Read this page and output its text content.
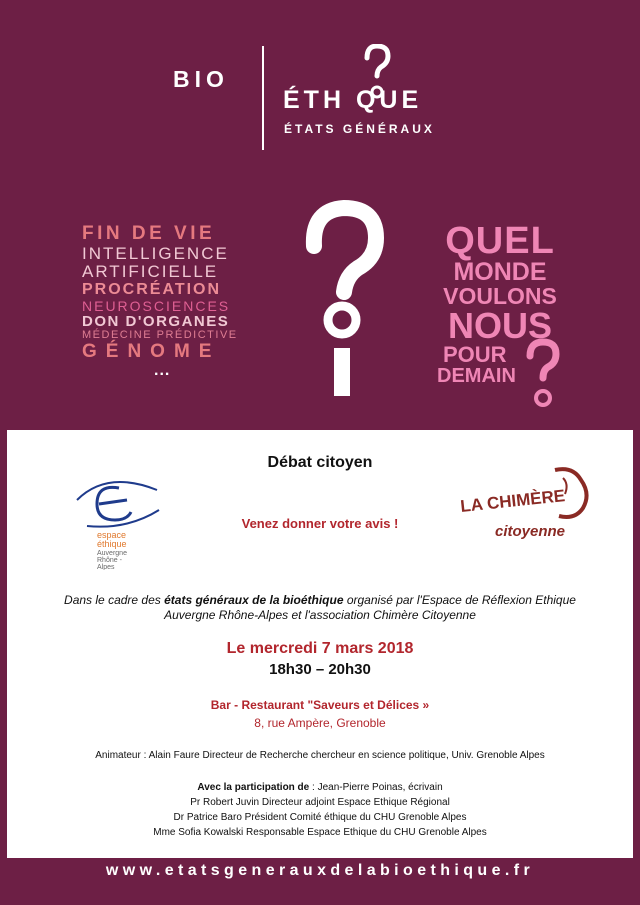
BIO
ÉTH QUE
ÉTATS GÉNÉRAUX
FIN DE VIE
INTELLIGENCE
ARTIFICIELLE
PROCRÉATION
NEUROSCIENCES
DON D'ORGANES
MÉDECINE PRÉDICTIVE
GÉNOME
...
QUEL
MONDE
VOULONS
NOUS
POUR
DEMAIN
Débat citoyen
espace
éthique
Auvergne
Rhône -
Alpes
Venez donner votre avis !
LA CHIMÈRE
citoyenne
Dans le cadre des états généraux de la bioéthique organisé par l'Espace de Réflexion Ethique
Auvergne Rhône-Alpes et l'association Chimère Citoyenne
Le mercredi 7 mars 2018
18h30 – 20h30
Bar - Restaurant "Saveurs et Délices »
8, rue Ampère, Grenoble
Animateur : Alain Faure Directeur de Recherche chercheur en science politique, Univ. Grenoble Alpes
Avec la participation de : Jean-Pierre Poinas, écrivain
Pr Robert Juvin Directeur adjoint Espace Ethique Régional
Dr Patrice Baro Président Comité éthique du CHU Grenoble Alpes
Mme Sofia Kowalski Responsable Espace Ethique du CHU Grenoble Alpes
www.etatsgenerauxdelabioethique.fr
